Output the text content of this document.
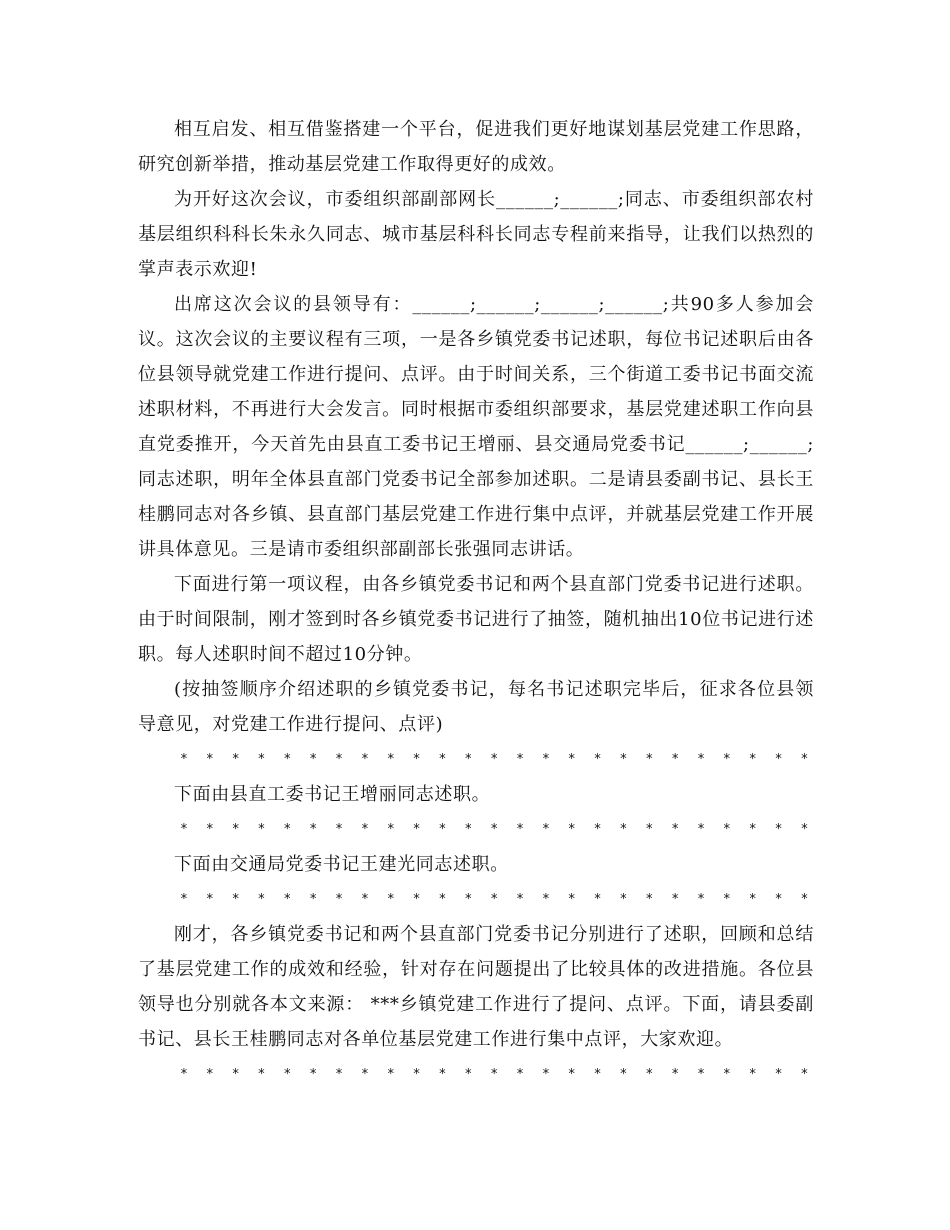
相互启发、相互借鉴搭建一个平台，促进我们更好地谋划基层党建工作思路，研究创新举措，推动基层党建工作取得更好的成效。

为开好这次会议，市委组织部副部网长______;______;同志、市委组织部农村基层组织科科长朱永久同志、城市基层科科长同志专程前来指导，让我们以热烈的掌声表示欢迎!

出席这次会议的县领导有：______;______;______;______;共90多人参加会议。这次会议的主要议程有三项，一是各乡镇党委书记述职，每位书记述职后由各位县领导就党建工作进行提问、点评。由于时间关系，三个街道工委书记书面交流述职材料，不再进行大会发言。同时根据市委组织部要求，基层党建述职工作向县直党委推开，今天首先由县直工委书记王增丽、县交通局党委书记______;______;同志述职，明年全体县直部门党委书记全部参加述职。二是请县委副书记、县长王桂鹏同志对各乡镇、县直部门基层党建工作进行集中点评，并就基层党建工作开展讲具体意见。三是请市委组织部副部长张强同志讲话。

下面进行第一项议程，由各乡镇党委书记和两个县直部门党委书记进行述职。由于时间限制，刚才签到时各乡镇党委书记进行了抽签，随机抽出10位书记进行述职。每人述职时间不超过10分钟。

(按抽签顺序介绍述职的乡镇党委书记，每名书记述职完毕后，征求各位县领导意见，对党建工作进行提问、点评)

* * * * * * * * * * * * * * * * * * * * * * * * *

下面由县直工委书记王增丽同志述职。

* * * * * * * * * * * * * * * * * * * * * * * * *

下面由交通局党委书记王建光同志述职。

* * * * * * * * * * * * * * * * * * * * * * * * *

刚才，各乡镇党委书记和两个县直部门党委书记分别进行了述职，回顾和总结了基层党建工作的成效和经验，针对存在问题提出了比较具体的改进措施。各位县领导也分别就各本文来源： ***乡镇党建工作进行了提问、点评。下面，请县委副书记、县长王桂鹏同志对各单位基层党建工作进行集中点评，大家欢迎。

* * * * * * * * * * * * * * * * * * * * * * * * *
